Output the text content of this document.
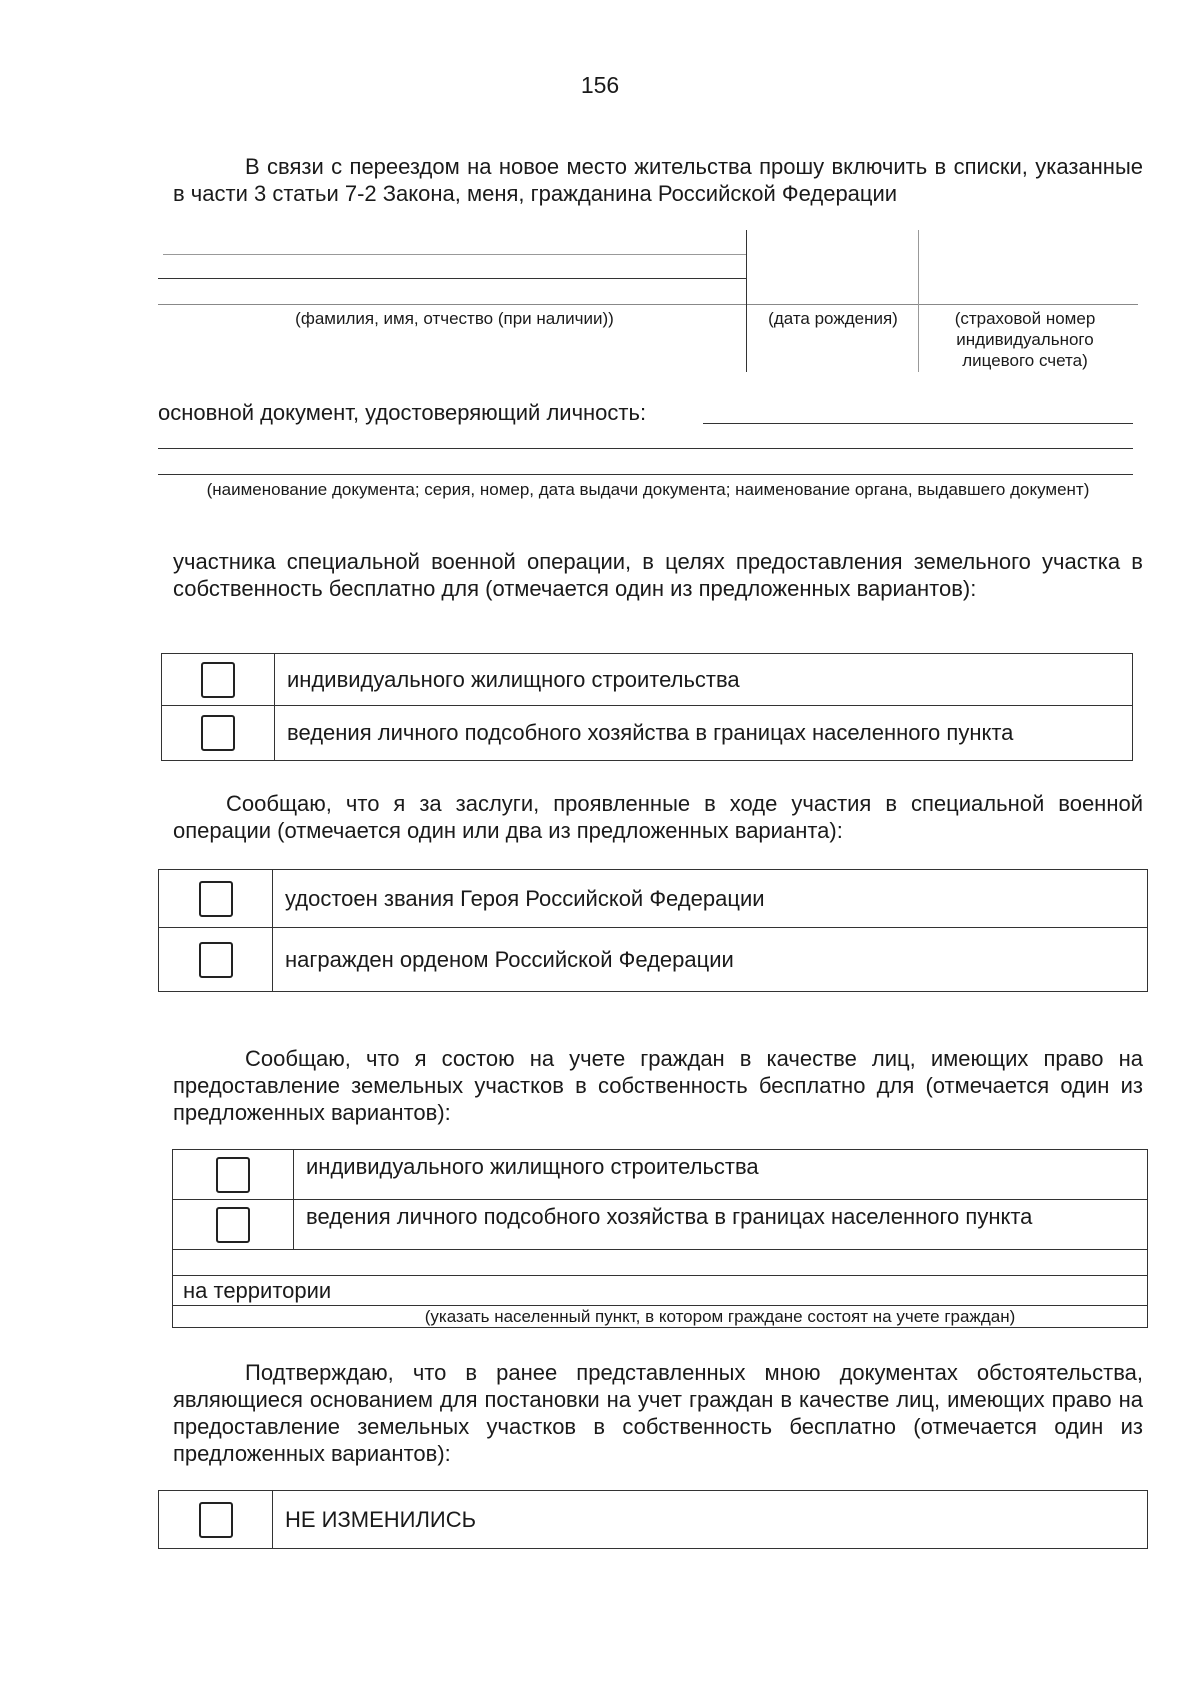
156
В связи с переездом на новое место жительства прошу включить в списки, указанные в части 3 статьи 7-2 Закона, меня, гражданина Российской Федерации
(фамилия, имя, отчество (при наличии))	(дата рождения)	(страховой номер индивидуального лицевого счета)
основной документ, удостоверяющий личность:
(наименование документа; серия, номер, дата выдачи документа; наименование органа, выдавшего документ)
участника специальной военной операции, в целях предоставления земельного участка в собственность бесплатно для (отмечается один из предложенных вариантов):
	индивидуального жилищного строительства
	ведения личного подсобного хозяйства в границах населенного пункта
Сообщаю, что я за заслуги, проявленные в ходе участия в специальной военной операции (отмечается один или два из предложенных варианта):
	удостоен звания Героя Российской Федерации
	награжден орденом Российской Федерации
Сообщаю, что я состою на учете граждан в качестве лиц, имеющих право на предоставление земельных участков в собственность бесплатно для (отмечается один из предложенных вариантов):
	индивидуального жилищного строительства
	ведения личного подсобного хозяйства в границах населенного пункта

на территории	
(указать населенный пункт, в котором граждане состоят на учете граждан)	
Подтверждаю, что в ранее представленных мною документах обстоятельства, являющиеся основанием для постановки на учет граждан в качестве лиц, имеющих право на предоставление земельных участков в собственность бесплатно (отмечается один из предложенных вариантов):
	НЕ ИЗМЕНИЛИСЬ
